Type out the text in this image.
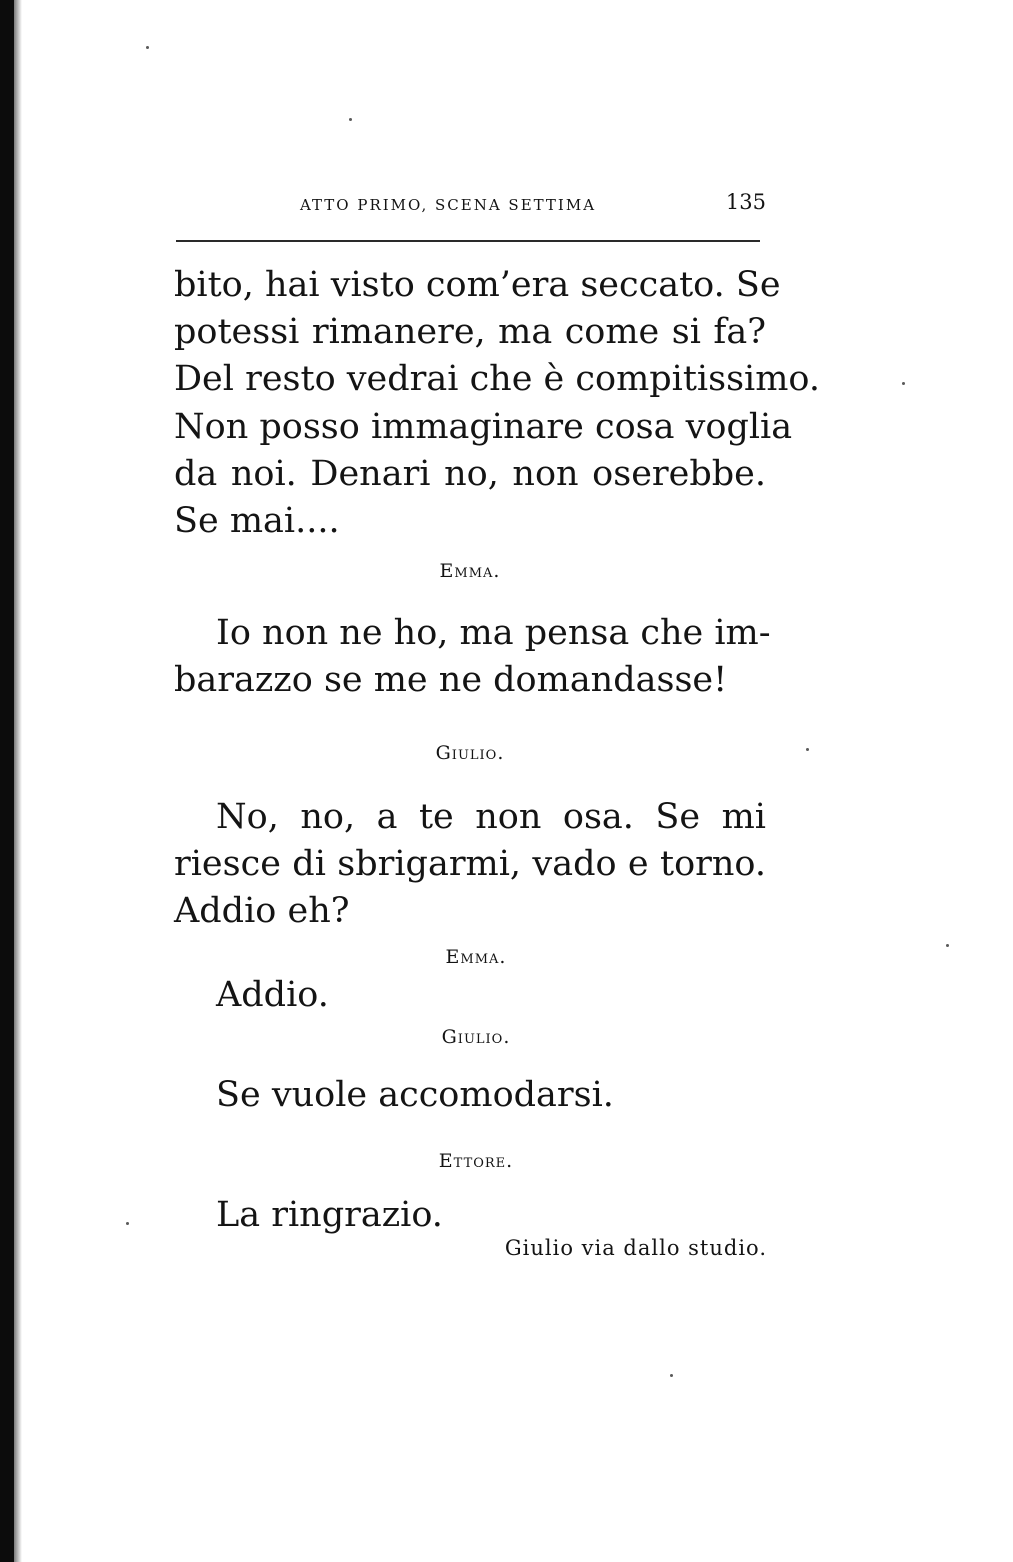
ATTO PRIMO, SCENA SETTIMA	135
bito, hai visto com’era seccato. Se
potessi rimanere, ma come si fa?
Del resto vedrai che è compitissimo.
Non posso immaginare cosa voglia
da noi. Denari no, non oserebbe.
Se mai....
Emma.
Io non ne ho, ma pensa che im-
barazzo se me ne domandasse!
Giulio.
No, no, a te non osa. Se mi
riesce di sbrigarmi, vado e torno.
Addio eh?
Emma.
Addio.
Giulio.
Se vuole accomodarsi.
Ettore.
La ringrazio.
Giulio via dallo studio.
